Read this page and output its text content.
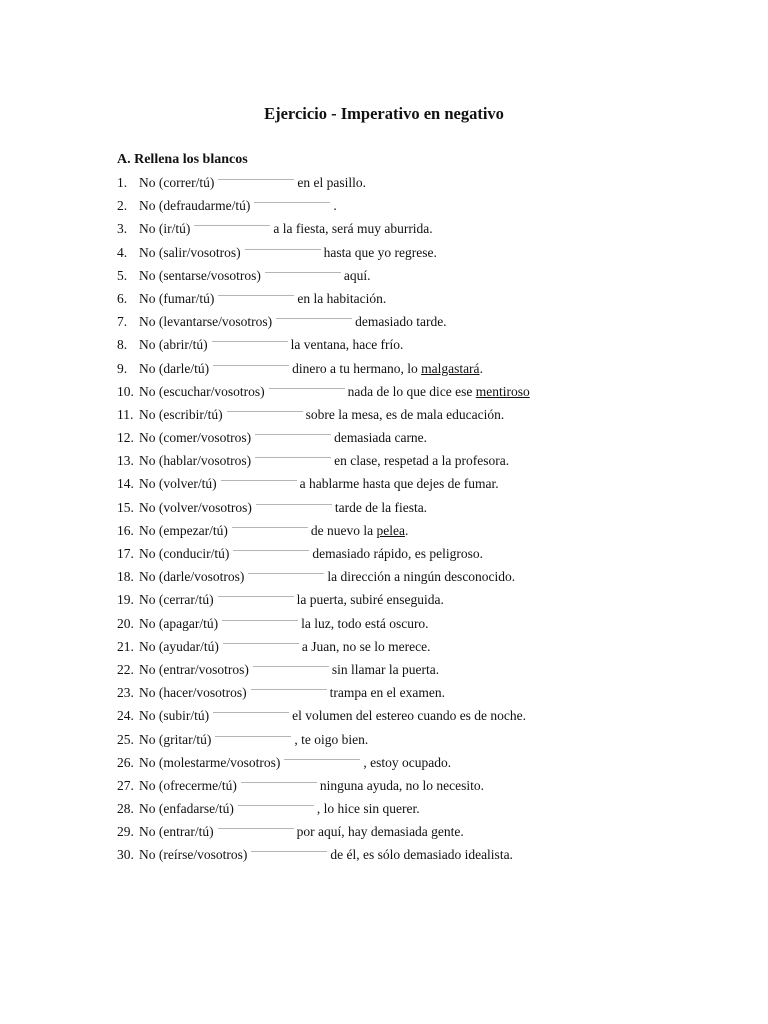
Ejercicio - Imperativo en negativo
A. Rellena los blancos
1. No (correr/tú)	en el pasillo.
2. No (defraudarme/tú)	.
3. No (ir/tú)	a la fiesta, será muy aburrida.
4. No (salir/vosotros)	hasta que yo regrese.
5. No (sentarse/vosotros)	aquí.
6. No (fumar/tú)	en la habitación.
7. No (levantarse/vosotros)	demasiado tarde.
8. No (abrir/tú)	la ventana, hace frío.
9. No (darle/tú)	dinero a tu hermano, lo malgastará .
10. No (escuchar/vosotros)	nada de lo que dice ese mentiroso
11. No (escribir/tú)	sobre la mesa, es de mala educación.
12. No (comer/vosotros)	demasiada carne.
13. No (hablar/vosotros)	en clase, respetad a la profesora.
14. No (volver/tú)	a hablarme hasta que dejes de fumar.
15. No (volver/vosotros)	tarde de la fiesta.
16. No (empezar/tú)	de nuevo la pelea .
17. No (conducir/tú)	demasiado rápido, es peligroso.
18. No (darle/vosotros)	la dirección a ningún desconocido.
19. No (cerrar/tú)	la puerta, subiré enseguida.
20. No (apagar/tú)	la luz, todo está oscuro.
21. No (ayudar/tú)	a Juan, no se lo merece.
22. No (entrar/vosotros)	sin llamar la puerta.
23. No (hacer/vosotros)	trampa en el examen.
24. No (subir/tú)	el volumen del estereo cuando es de noche.
25. No (gritar/tú)	, te oigo bien.
26. No (molestarme/vosotros)	, estoy ocupado.
27. No (ofrecerme/tú)	ninguna ayuda, no lo necesito.
28. No (enfadarse/tú)	, lo hice sin querer.
29. No (entrar/tú)	por aquí, hay demasiada gente.
30. No (reírse/vosotros)	de él, es sólo demasiado idealista.
